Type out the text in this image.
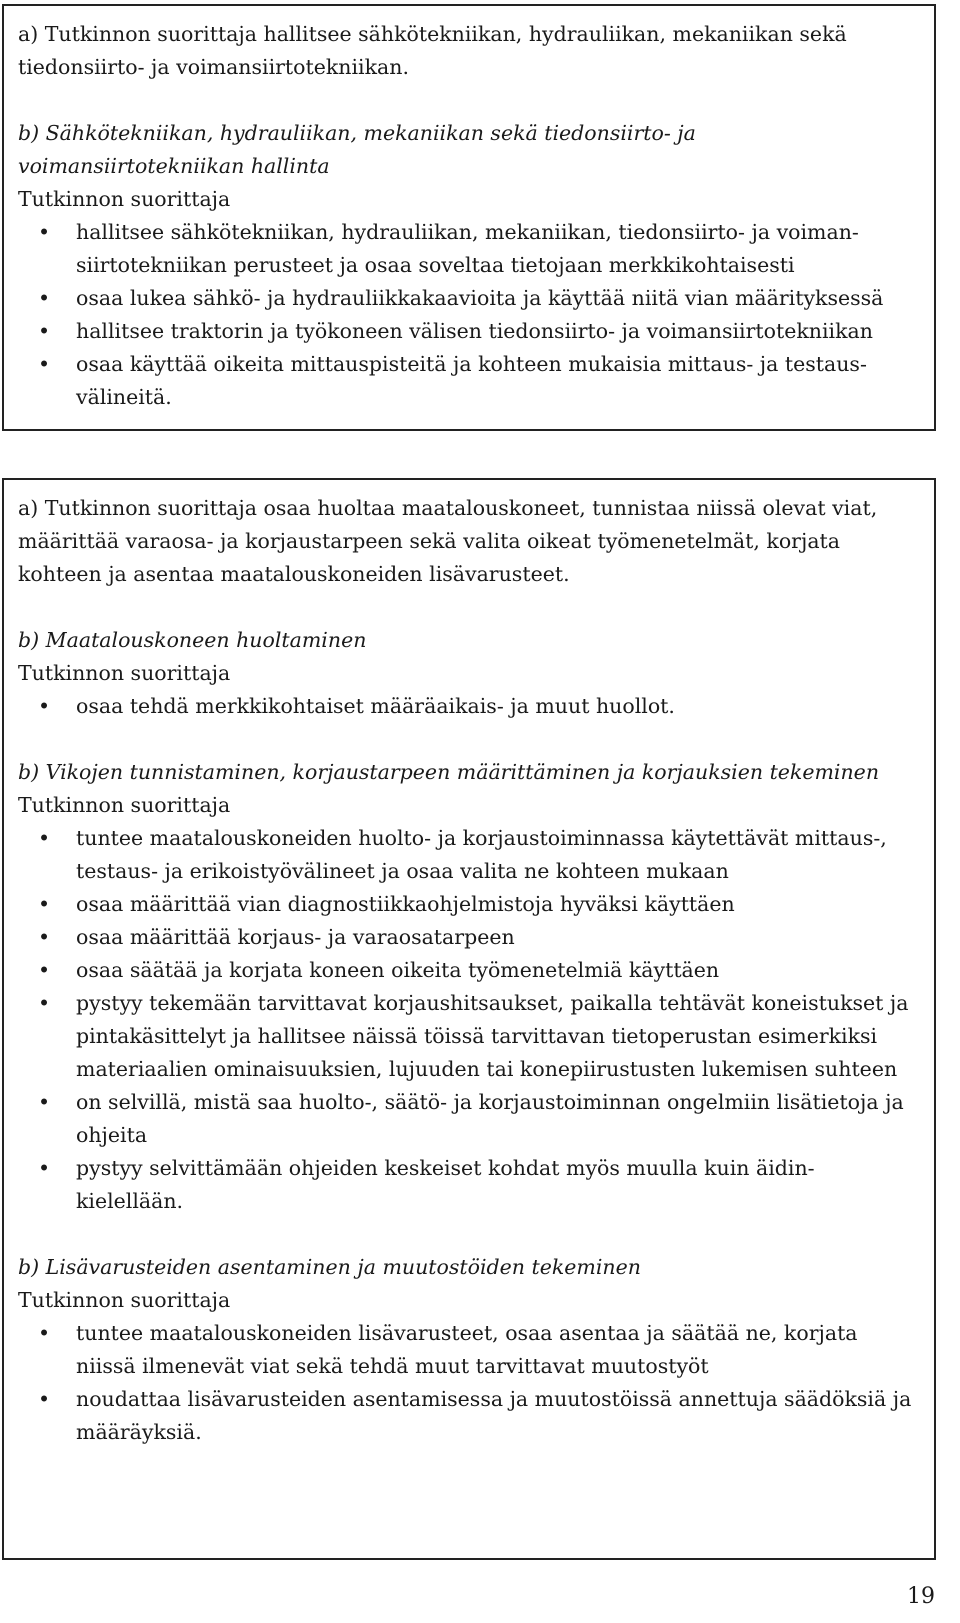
a) Tutkinnon suorittaja hallitsee sähkötekniikan, hydrauliikan, mekaniikan sekä tiedonsiirto- ja voimansiirtotekniikan.

b) Sähkötekniikan, hydrauliikan, mekaniikan sekä tiedonsiirto- ja voimansiirtotekniikan hallinta

Tutkinnon suorittaja

• hallitsee sähkötekniikan, hydrauliikan, mekaniikan, tiedonsiirto- ja voiman- siirtotekniikan perusteet ja osaa soveltaa tietojaan merkkikohtaisesti
• osaa lukea sähkö- ja hydrauliikkakaavioita ja käyttää niitä vian määrityksessä
• hallitsee traktorin ja työkoneen välisen tiedonsiirto- ja voimansiirtotekniikan
• osaa käyttää oikeita mittauspisteitä ja kohteen mukaisia mittaus- ja testaus- välineitä.

a) Tutkinnon suorittaja osaa huoltaa maatalouskoneet, tunnistaa niissä olevat viat, määrittää varaosa- ja korjaustarpeen sekä valita oikeat työmenetelmät, korjata kohteen ja asentaa maatalouskoneiden lisävarusteet.

b) Maatalouskoneen huoltaminen

Tutkinnon suorittaja

• osaa tehdä merkkikohtaiset määräaikais- ja muut huollot.

b) Vikojen tunnistaminen, korjaustarpeen määrittäminen ja korjauksien tekeminen

Tutkinnon suorittaja

• tuntee maatalouskoneiden huolto- ja korjaustoiminnassa käytettävät mittaus-, testaus- ja erikoistyövälineet ja osaa valita ne kohteen mukaan
• osaa määrittää vian diagnostiikkaohjelmistoja hyväksi käyttäen
• osaa määrittää korjaus- ja varaosatarpeen
• osaa säätää ja korjata koneen oikeita työmenetelmiä käyttäen
• pystyy tekemään tarvittavat korjaushitsaukset, paikalla tehtävät koneistukset ja pintakäsittelyt ja hallitsee näissä töissä tarvittavan tietoperustan esimerkiksi materiaalien ominaisuuksien, lujuuden tai konepiirustusten lukemisen suhteen
• on selvillä, mistä saa huolto-, säätö- ja korjaustoiminnan ongelmiin lisätietoja ja ohjeita
• pystyy selvittämään ohjeiden keskeiset kohdat myös muulla kuin äidin- kielellään.

b) Lisävarusteiden asentaminen ja muutostöiden tekeminen

Tutkinnon suorittaja

• tuntee maatalouskoneiden lisävarusteet, osaa asentaa ja säätää ne, korjata niissä ilmenevät viat sekä tehdä muut tarvittavat muutostyöt
• noudattaa lisävarusteiden asentamisessa ja muutostöissä annettuja säädöksiä ja määräyksiä.
19
